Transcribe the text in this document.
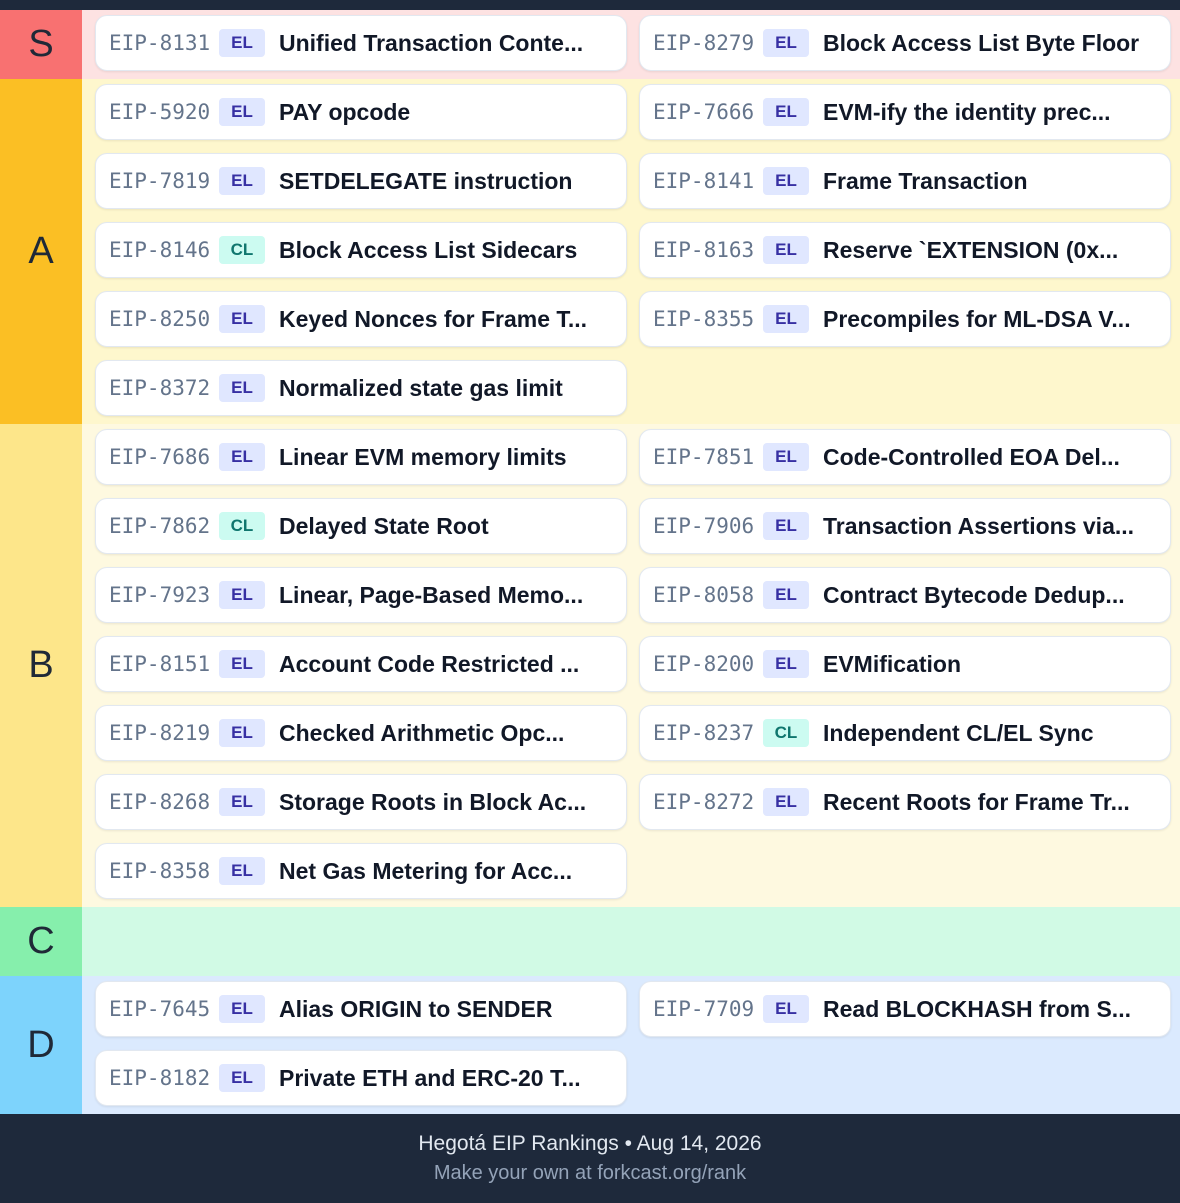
S	EIP-8131	EL	Unified Transaction Conte...	EIP-8279	EL	Block Access List Byte Floor
A
EIP-5920	EL	PAY opcode	EIP-7666	EL	EVM-ify the identity prec...
EIP-7819	EL	SETDELEGATE instruction	EIP-8141	EL	Frame Transaction
EIP-8146	CL	Block Access List Sidecars	EIP-8163	EL	Reserve `EXTENSION (0x...
EIP-8250	EL	Keyed Nonces for Frame T...	EIP-8355	EL	Precompiles for ML-DSA V...
EIP-8372	EL	Normalized state gas limit
B
EIP-7686	EL	Linear EVM memory limits	EIP-7851	EL	Code-Controlled EOA Del...
EIP-7862	CL	Delayed State Root	EIP-7906	EL	Transaction Assertions via...
EIP-7923	EL	Linear, Page-Based Memo...	EIP-8058	EL	Contract Bytecode Dedup...
EIP-8151	EL	Account Code Restricted ...	EIP-8200	EL	EVMification
EIP-8219	EL	Checked Arithmetic Opc...	EIP-8237	CL	Independent CL/EL Sync
EIP-8268	EL	Storage Roots in Block Ac...	EIP-8272	EL	Recent Roots for Frame Tr...
EIP-8358	EL	Net Gas Metering for Acc...
C
D
EIP-7645	EL	Alias ORIGIN to SENDER	EIP-7709	EL	Read BLOCKHASH from S...
EIP-8182	EL	Private ETH and ERC-20 T...
Hegotá EIP Rankings • Aug 14, 2026
Make your own at forkcast.org/rank
